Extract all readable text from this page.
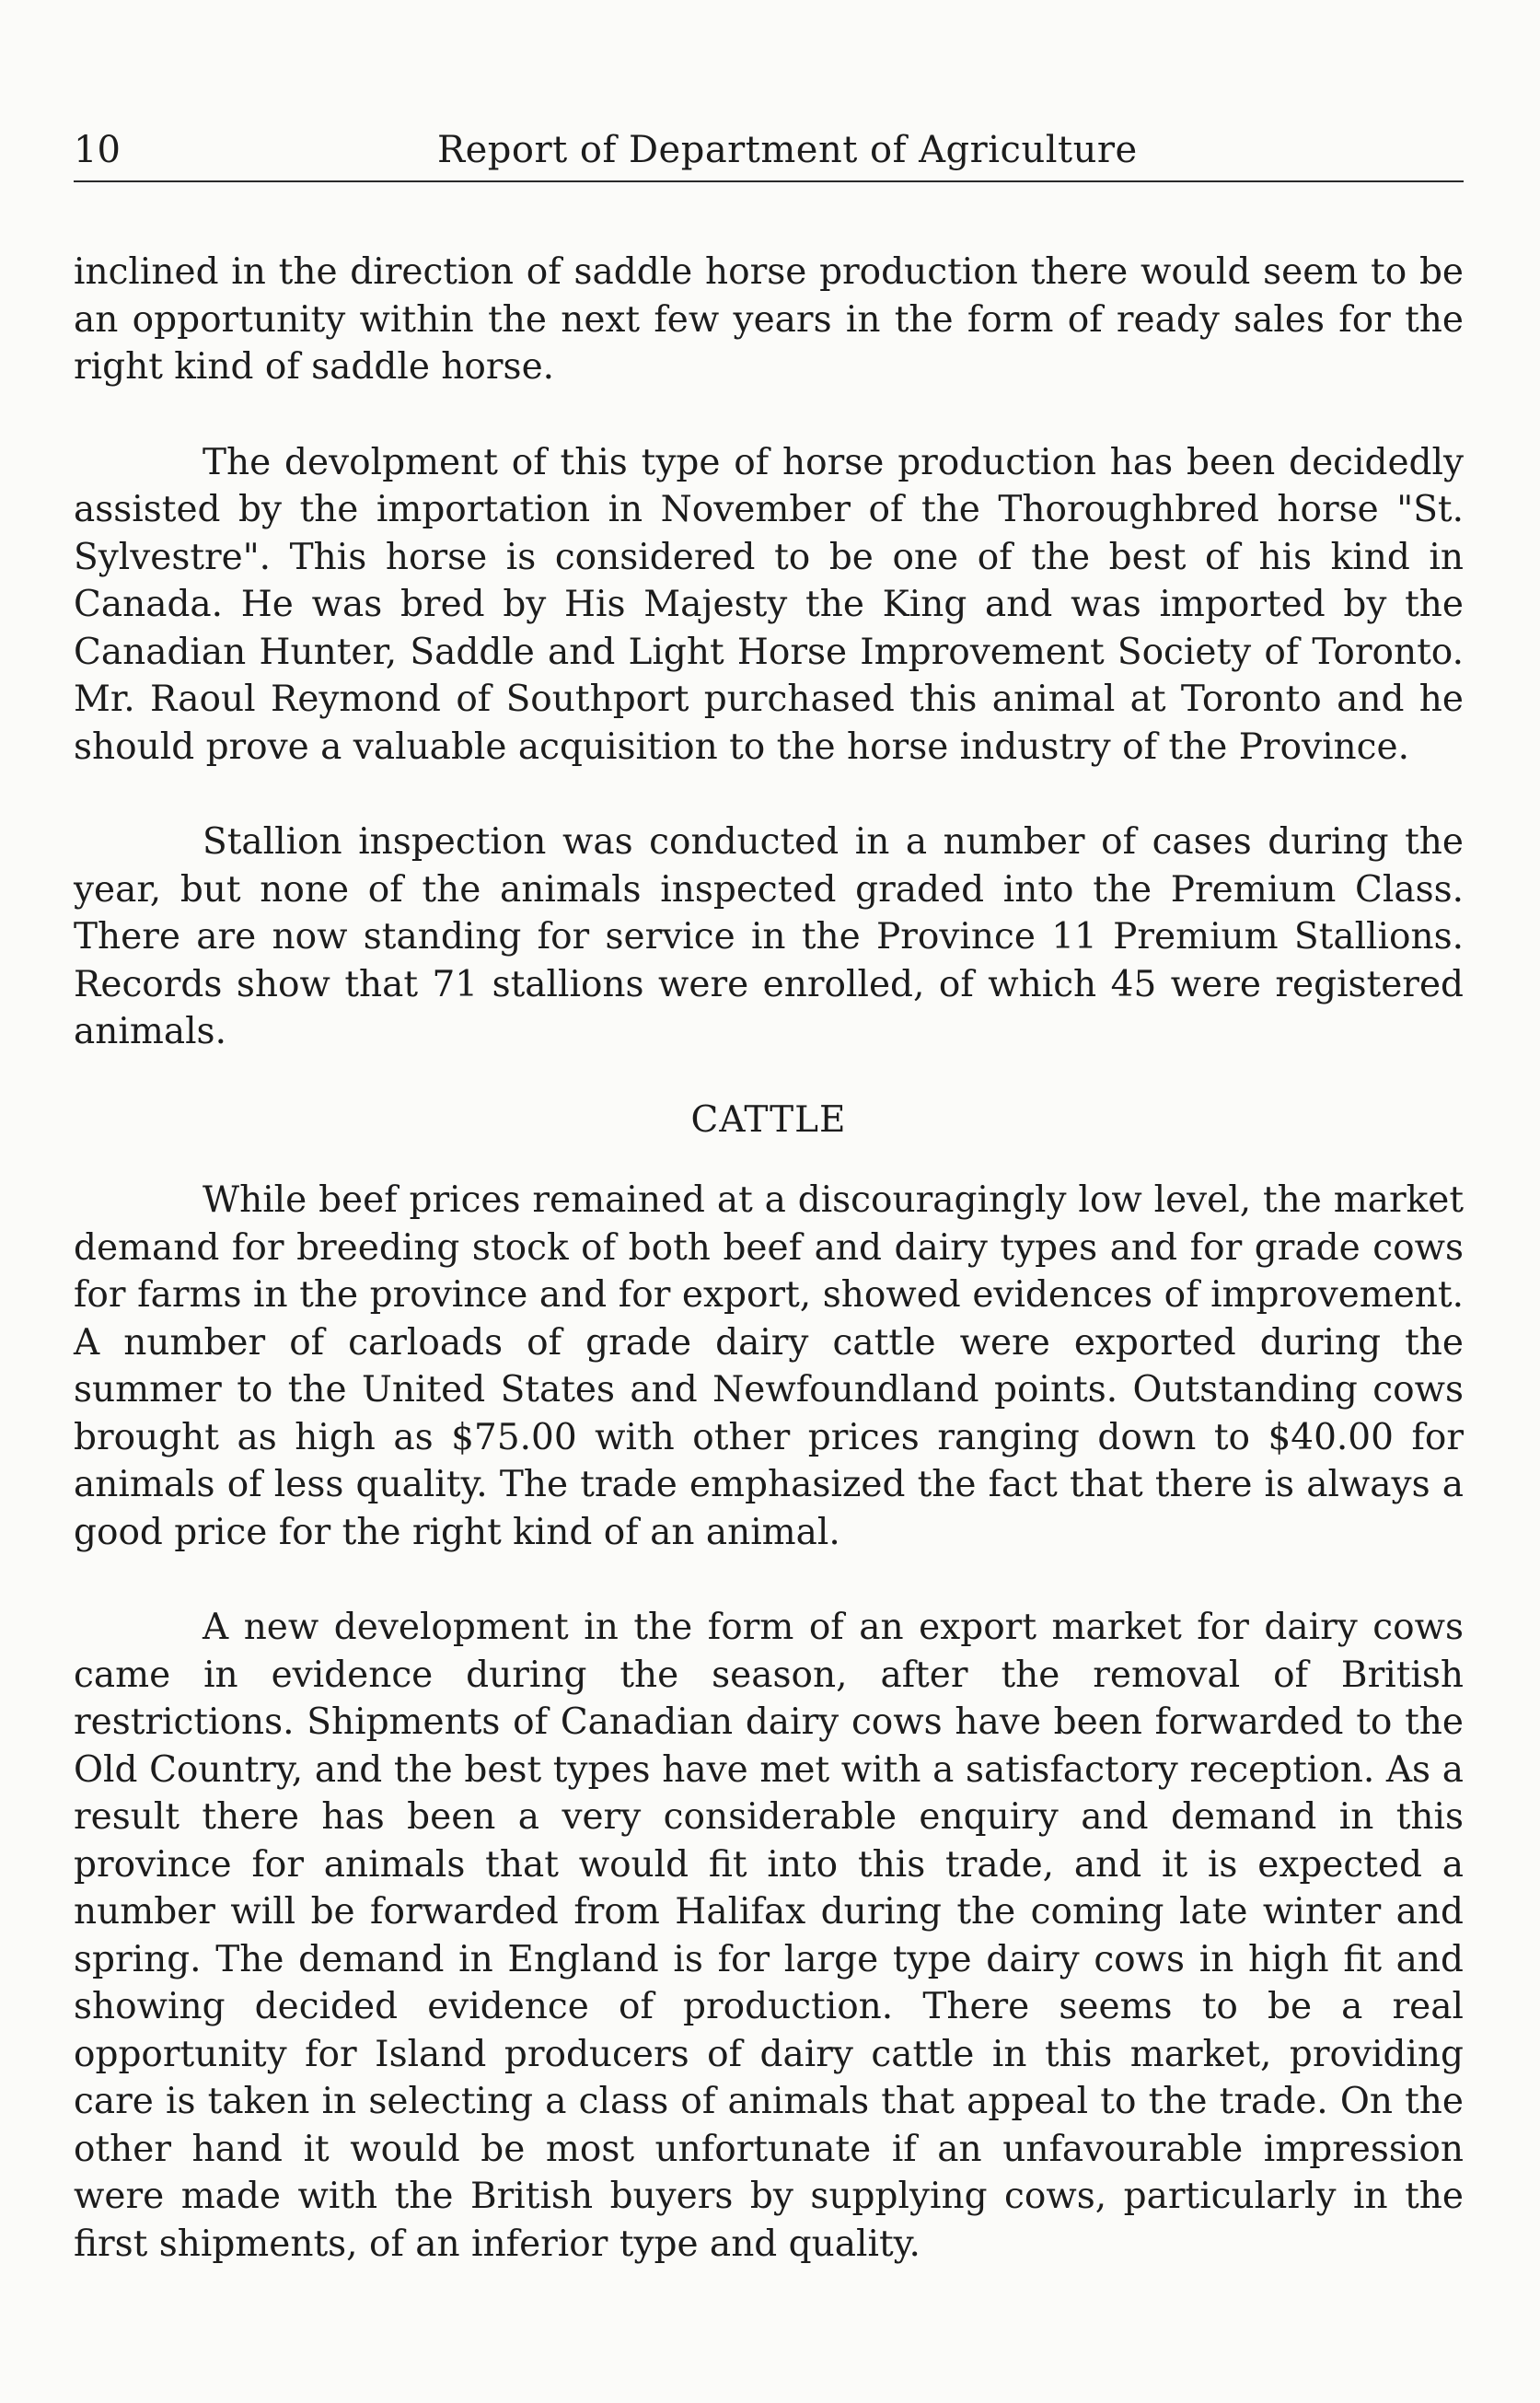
10	Report of Department of Agriculture

inclined in the direction of saddle horse production there would seem to be an opportunity within the next few years in the form of ready sales for the right kind of saddle horse.

The devolpment of this type of horse production has been decidedly assisted by the importation in November of the Thoroughbred horse "St. Sylvestre". This horse is considered to be one of the best of his kind in Canada. He was bred by His Majesty the King and was imported by the Canadian Hunter, Saddle and Light Horse Improvement Society of Toronto. Mr. Raoul Reymond of Southport purchased this animal at Toronto and he should prove a valuable acquisition to the horse industry of the Province.

Stallion inspection was conducted in a number of cases during the year, but none of the animals inspected graded into the Premium Class. There are now standing for service in the Province 11 Premium Stallions. Records show that 71 stallions were enrolled, of which 45 were registered animals.

CATTLE

While beef prices remained at a discouragingly low level, the market demand for breeding stock of both beef and dairy types and for grade cows for farms in the province and for export, showed evidences of improvement. A number of carloads of grade dairy cattle were exported during the summer to the United States and Newfoundland points. Outstanding cows brought as high as $75.00 with other prices ranging down to $40.00 for animals of less quality. The trade emphasized the fact that there is always a good price for the right kind of an animal.

A new development in the form of an export market for dairy cows came in evidence during the season, after the removal of British restrictions. Shipments of Canadian dairy cows have been forwarded to the Old Country, and the best types have met with a satisfactory reception. As a result there has been a very considerable enquiry and demand in this province for animals that would fit into this trade, and it is expected a number will be forwarded from Halifax during the coming late winter and spring. The demand in England is for large type dairy cows in high fit and showing decided evidence of production. There seems to be a real opportunity for Island producers of dairy cattle in this market, providing care is taken in selecting a class of animals that appeal to the trade. On the other hand it would be most unfortunate if an unfavourable impression were made with the British buyers by supplying cows, particularly in the first shipments, of an inferior type and quality.
